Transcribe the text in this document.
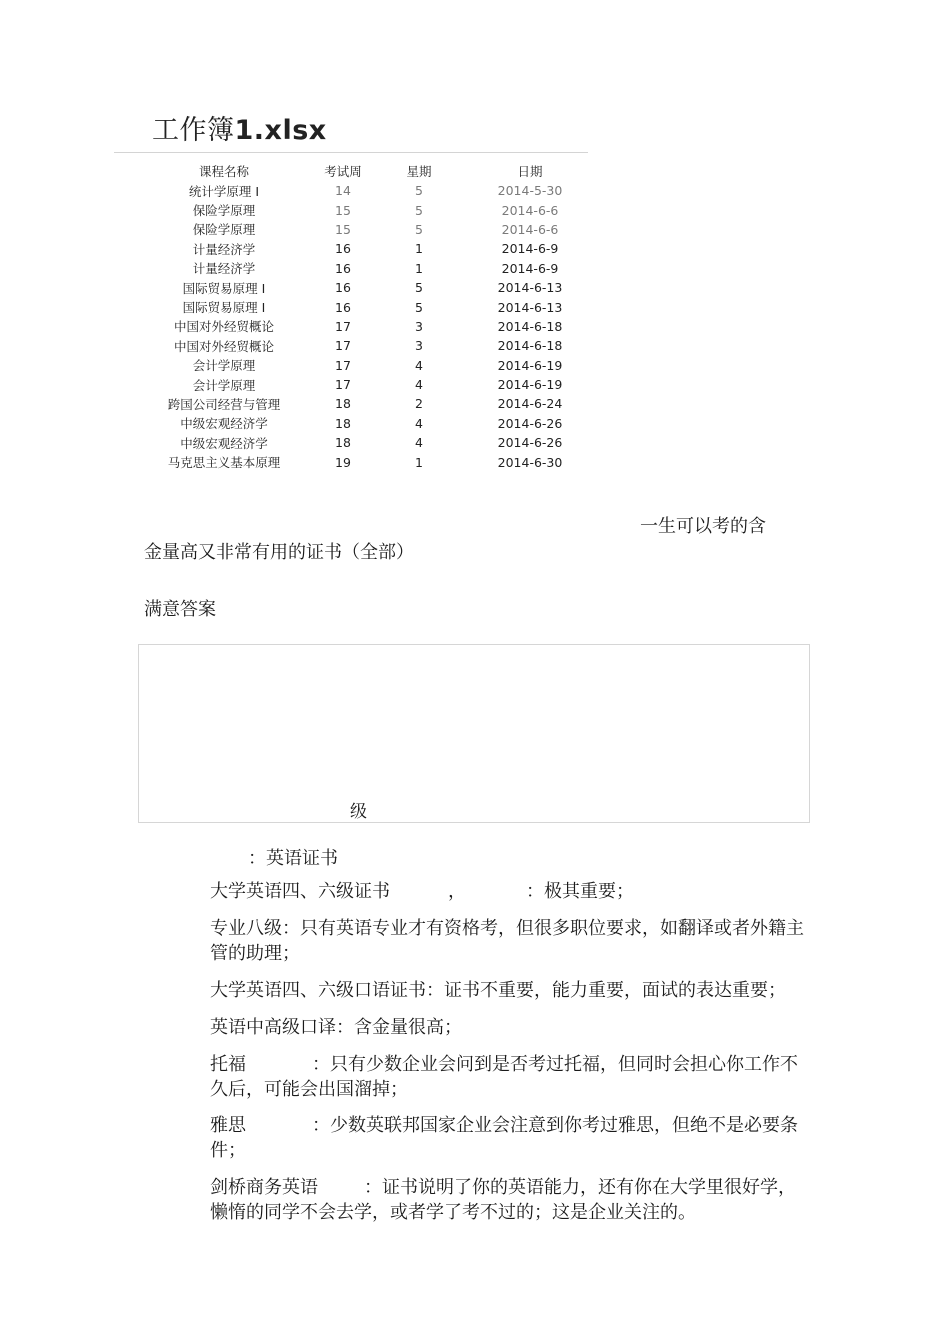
工作簿1.xlsx
课程名称	考试周	星期	日期
统计学原理 I	14	5	2014-5-30
保险学原理	15	5	2014-6-6
保险学原理	15	5	2014-6-6
计量经济学	16	1	2014-6-9
计量经济学	16	1	2014-6-9
国际贸易原理 I	16	5	2014-6-13
国际贸易原理 I	16	5	2014-6-13
中国对外经贸概论	17	3	2014-6-18
中国对外经贸概论	17	3	2014-6-18
会计学原理	17	4	2014-6-19
会计学原理	17	4	2014-6-19
跨国公司经营与管理	18	2	2014-6-24
中级宏观经济学	18	4	2014-6-26
中级宏观经济学	18	4	2014-6-26
马克思主义基本原理	19	1	2014-6-30
一生可以考的含
金量高又非常有用的证书（全部）
满意答案
级
：英语证书
大学英语四、六级证书	，	：极其重要；
专业八级：只有英语专业才有资格考，但很多职位要求，如翻译或者外籍主管的助理；
大学英语四、六级口语证书：证书不重要，能力重要，面试的表达重要；
英语中高级口译：含金量很高；
托福	：只有少数企业会问到是否考过托福，但同时会担心你工作不久后，可能会出国溜掉；
雅思	：少数英联邦国家企业会注意到你考过雅思，但绝不是必要条件；
剑桥商务英语	：证书说明了你的英语能力，还有你在大学里很好学，懒惰的同学不会去学，或者学了考不过的；这是企业关注的。
